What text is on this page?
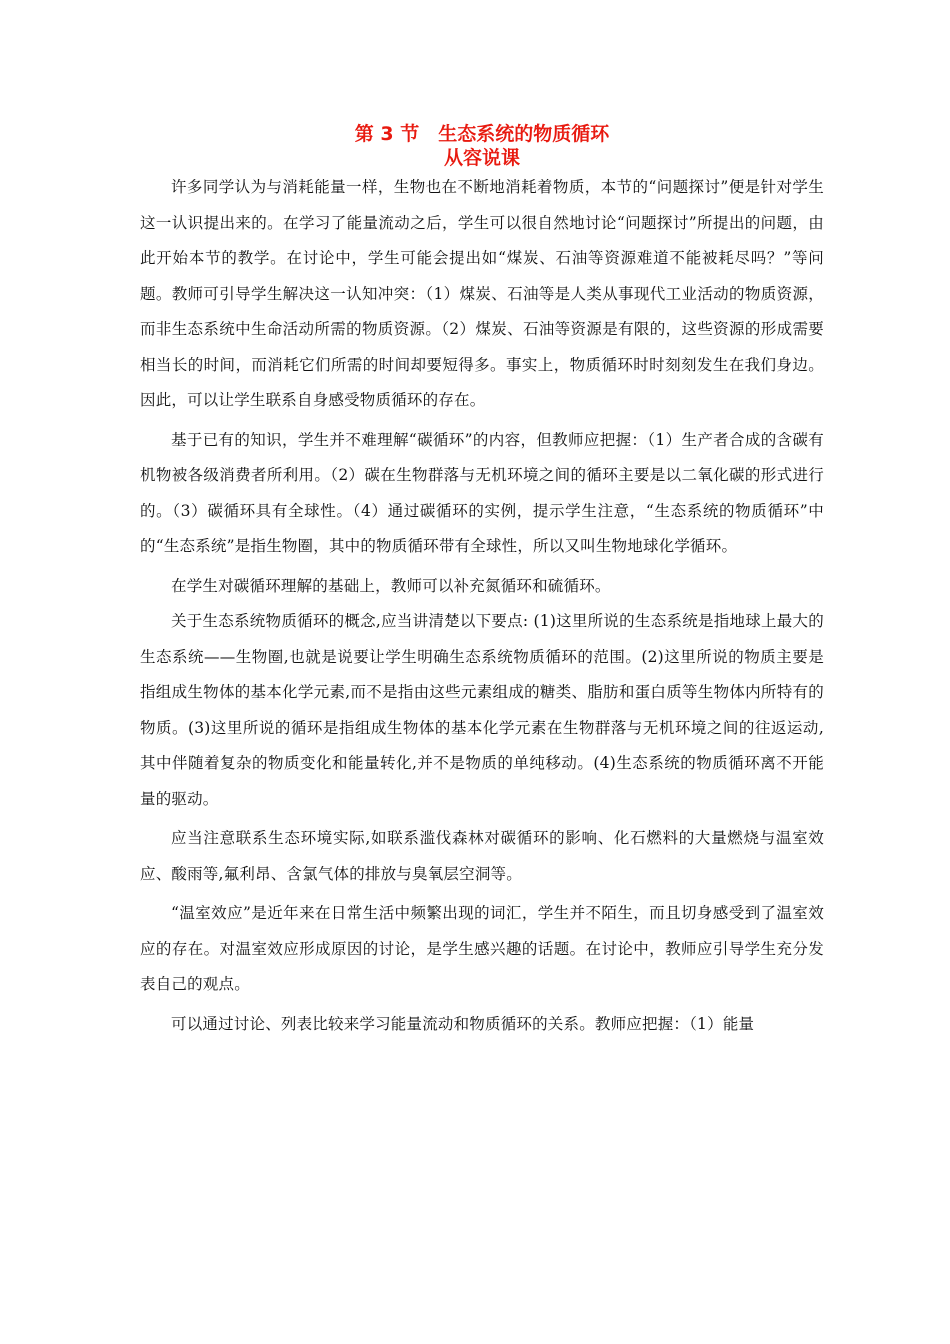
第 3 节　生态系统的物质循环
从容说课

许多同学认为与消耗能量一样，生物也在不断地消耗着物质，本节的“问题探讨”便是针对学生这一认识提出来的。在学习了能量流动之后，学生可以很自然地讨论“问题探讨”所提出的问题，由此开始本节的教学。在讨论中，学生可能会提出如“煤炭、石油等资源难道不能被耗尽吗？”等问题。教师可引导学生解决这一认知冲突：（1）煤炭、石油等是人类从事现代工业活动的物质资源，而非生态系统中生命活动所需的物质资源。（2）煤炭、石油等资源是有限的，这些资源的形成需要相当长的时间，而消耗它们所需的时间却要短得多。事实上，物质循环时时刻刻发生在我们身边。因此，可以让学生联系自身感受物质循环的存在。

基于已有的知识，学生并不难理解“碳循环”的内容，但教师应把握：（1）生产者合成的含碳有机物被各级消费者所利用。（2）碳在生物群落与无机环境之间的循环主要是以二氧化碳的形式进行的。（3）碳循环具有全球性。（4）通过碳循环的实例，提示学生注意，“生态系统的物质循环”中的“生态系统”是指生物圈，其中的物质循环带有全球性，所以又叫生物地球化学循环。

在学生对碳循环理解的基础上，教师可以补充氮循环和硫循环。

关于生态系统物质循环的概念,应当讲清楚以下要点: (1)这里所说的生态系统是指地球上最大的生态系统——生物圈,也就是说要让学生明确生态系统物质循环的范围。(2)这里所说的物质主要是指组成生物体的基本化学元素,而不是指由这些元素组成的糖类、脂肪和蛋白质等生物体内所特有的物质。(3)这里所说的循环是指组成生物体的基本化学元素在生物群落与无机环境之间的往返运动,其中伴随着复杂的物质变化和能量转化,并不是物质的单纯移动。(4)生态系统的物质循环离不开能量的驱动。

应当注意联系生态环境实际,如联系滥伐森林对碳循环的影响、化石燃料的大量燃烧与温室效应、酸雨等,氟利昂、含氯气体的排放与臭氧层空洞等。

“温室效应”是近年来在日常生活中频繁出现的词汇，学生并不陌生，而且切身感受到了温室效应的存在。对温室效应形成原因的讨论，是学生感兴趣的话题。在讨论中，教师应引导学生充分发表自己的观点。

可以通过讨论、列表比较来学习能量流动和物质循环的关系。教师应把握：（1）能量
